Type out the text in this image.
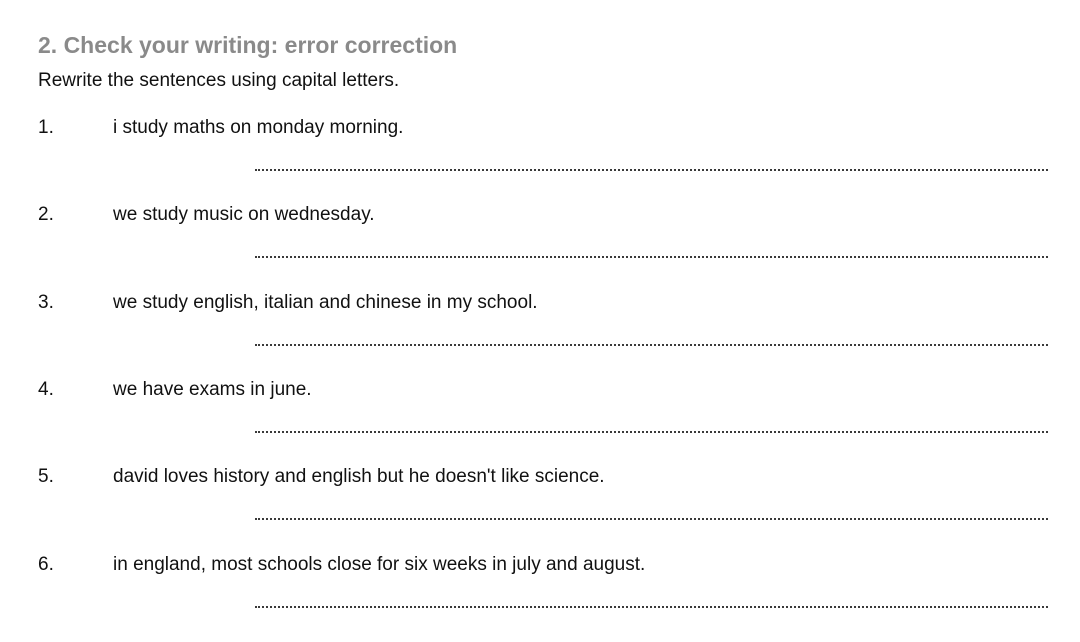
2. Check your writing: error correction
Rewrite the sentences using capital letters.
1.	i study maths on monday morning.
2.	we study music on wednesday.
3.	we study english, italian and chinese in my school.
4.	we have exams in june.
5.	david loves history and english but he doesn't like science.
6.	in england, most schools close for six weeks in july and august.
